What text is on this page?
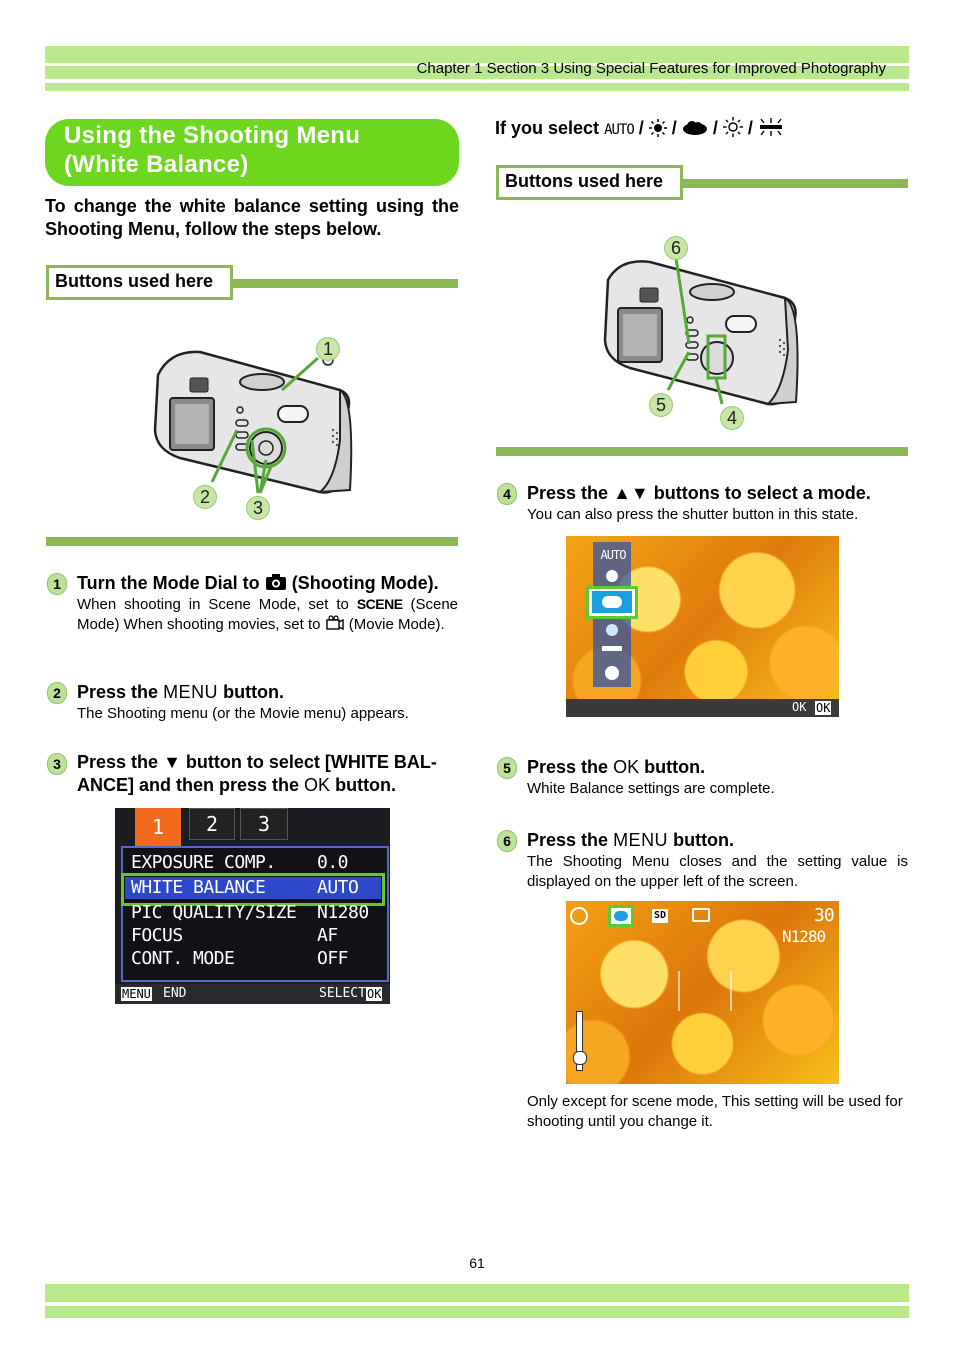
Chapter 1 Section 3 Using Special Features for Improved Photography
Using the Shooting Menu
(White Balance)
To change the white balance setting using the Shooting Menu, follow the steps below.
Buttons used here
1
2
3
1 Turn the Mode Dial to (Shooting Mode).
When shooting in Scene Mode, set to SCENE (Scene Mode) When shooting movies, set to (Movie Mode).
2 Press the MENU button.
The Shooting menu (or the Movie menu) appears.
3 Press the ▼ button to select [WHITE BAL-
ANCE] and then press the OK button.
1	2	3
EXPOSURE COMP. 0.0
WHITE BALANCE	AUTO
PIC QUALITY/SIZE N1280
FOCUS	AF
CONT. MODE	OFF
MENU END	SELECT OK
If you select AUTO /  /  /  /
Buttons used here
6
5
4
4 Press the ▲▼ buttons to select a mode.
You can also press the shutter button in this state.
AUTO
OK OK
5 Press the OK button.
White Balance settings are complete.
6 Press the MENU button.
The Shooting Menu closes and the setting value is displayed on the upper left of the screen.
SD	30
N1280
Only except for scene mode, This setting will be used for shooting until you change it.
61
